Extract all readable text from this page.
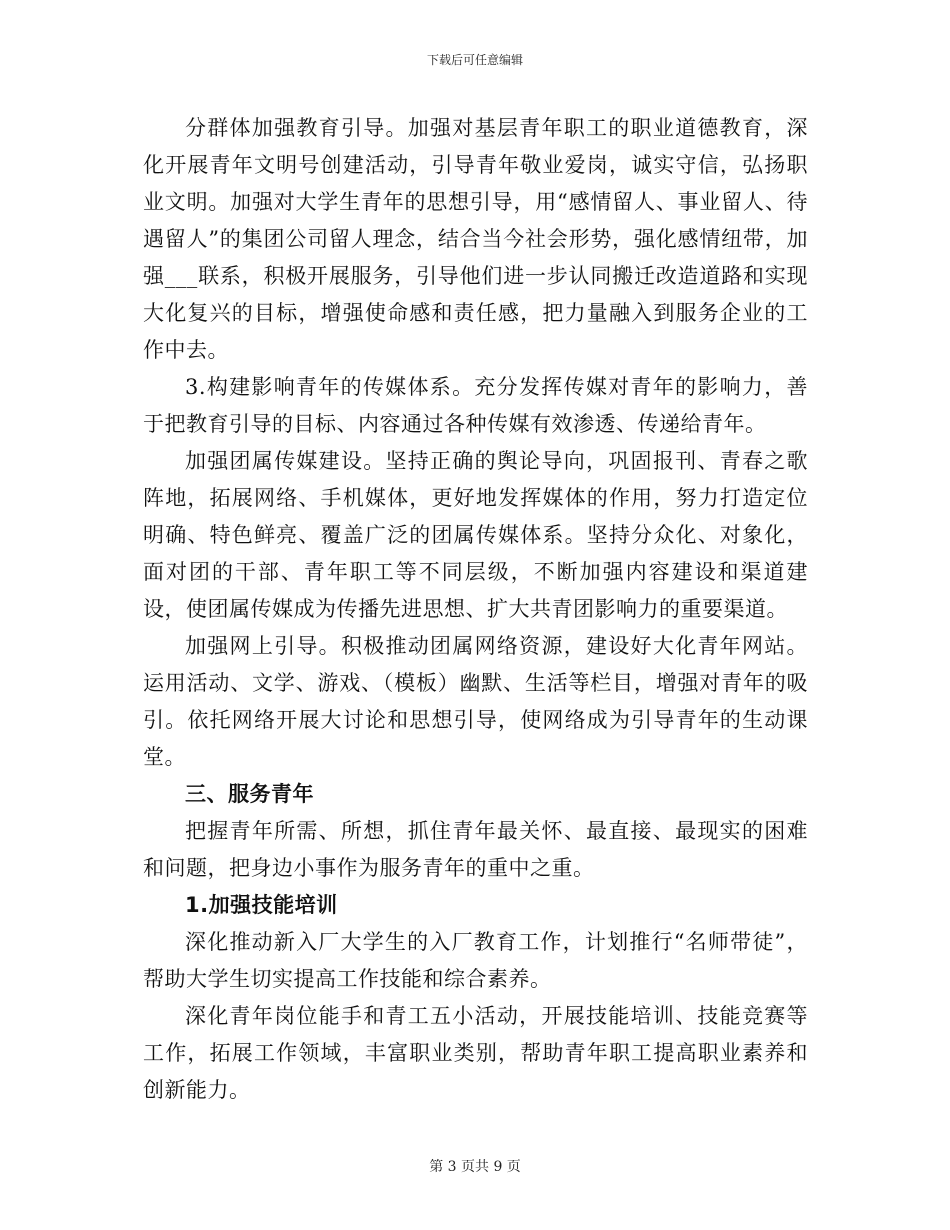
下载后可任意编辑

分群体加强教育引导。加强对基层青年职工的职业道德教育，深化开展青年文明号创建活动，引导青年敬业爱岗，诚实守信，弘扬职业文明。加强对大学生青年的思想引导，用“感情留人、事业留人、待遇留人”的集团公司留人理念，结合当今社会形势，强化感情纽带，加强___联系，积极开展服务，引导他们进一步认同搬迁改造道路和实现大化复兴的目标，增强使命感和责任感，把力量融入到服务企业的工作中去。

3.构建影响青年的传媒体系。充分发挥传媒对青年的影响力，善于把教育引导的目标、内容通过各种传媒有效渗透、传递给青年。

加强团属传媒建设。坚持正确的舆论导向，巩固报刊、青春之歌阵地，拓展网络、手机媒体，更好地发挥媒体的作用，努力打造定位明确、特色鲜亮、覆盖广泛的团属传媒体系。坚持分众化、对象化，面对团的干部、青年职工等不同层级，不断加强内容建设和渠道建设，使团属传媒成为传播先进思想、扩大共青团影响力的重要渠道。

加强网上引导。积极推动团属网络资源，建设好大化青年网站。运用活动、文学、游戏、（模板）幽默、生活等栏目，增强对青年的吸引。依托网络开展大讨论和思想引导，使网络成为引导青年的生动课堂。

三、服务青年

把握青年所需、所想，抓住青年最关怀、最直接、最现实的困难和问题，把身边小事作为服务青年的重中之重。

1.加强技能培训

深化推动新入厂大学生的入厂教育工作，计划推行“名师带徒”，帮助大学生切实提高工作技能和综合素养。

深化青年岗位能手和青工五小活动，开展技能培训、技能竞赛等工作，拓展工作领域，丰富职业类别，帮助青年职工提高职业素养和创新能力。

第 3 页共 9 页
